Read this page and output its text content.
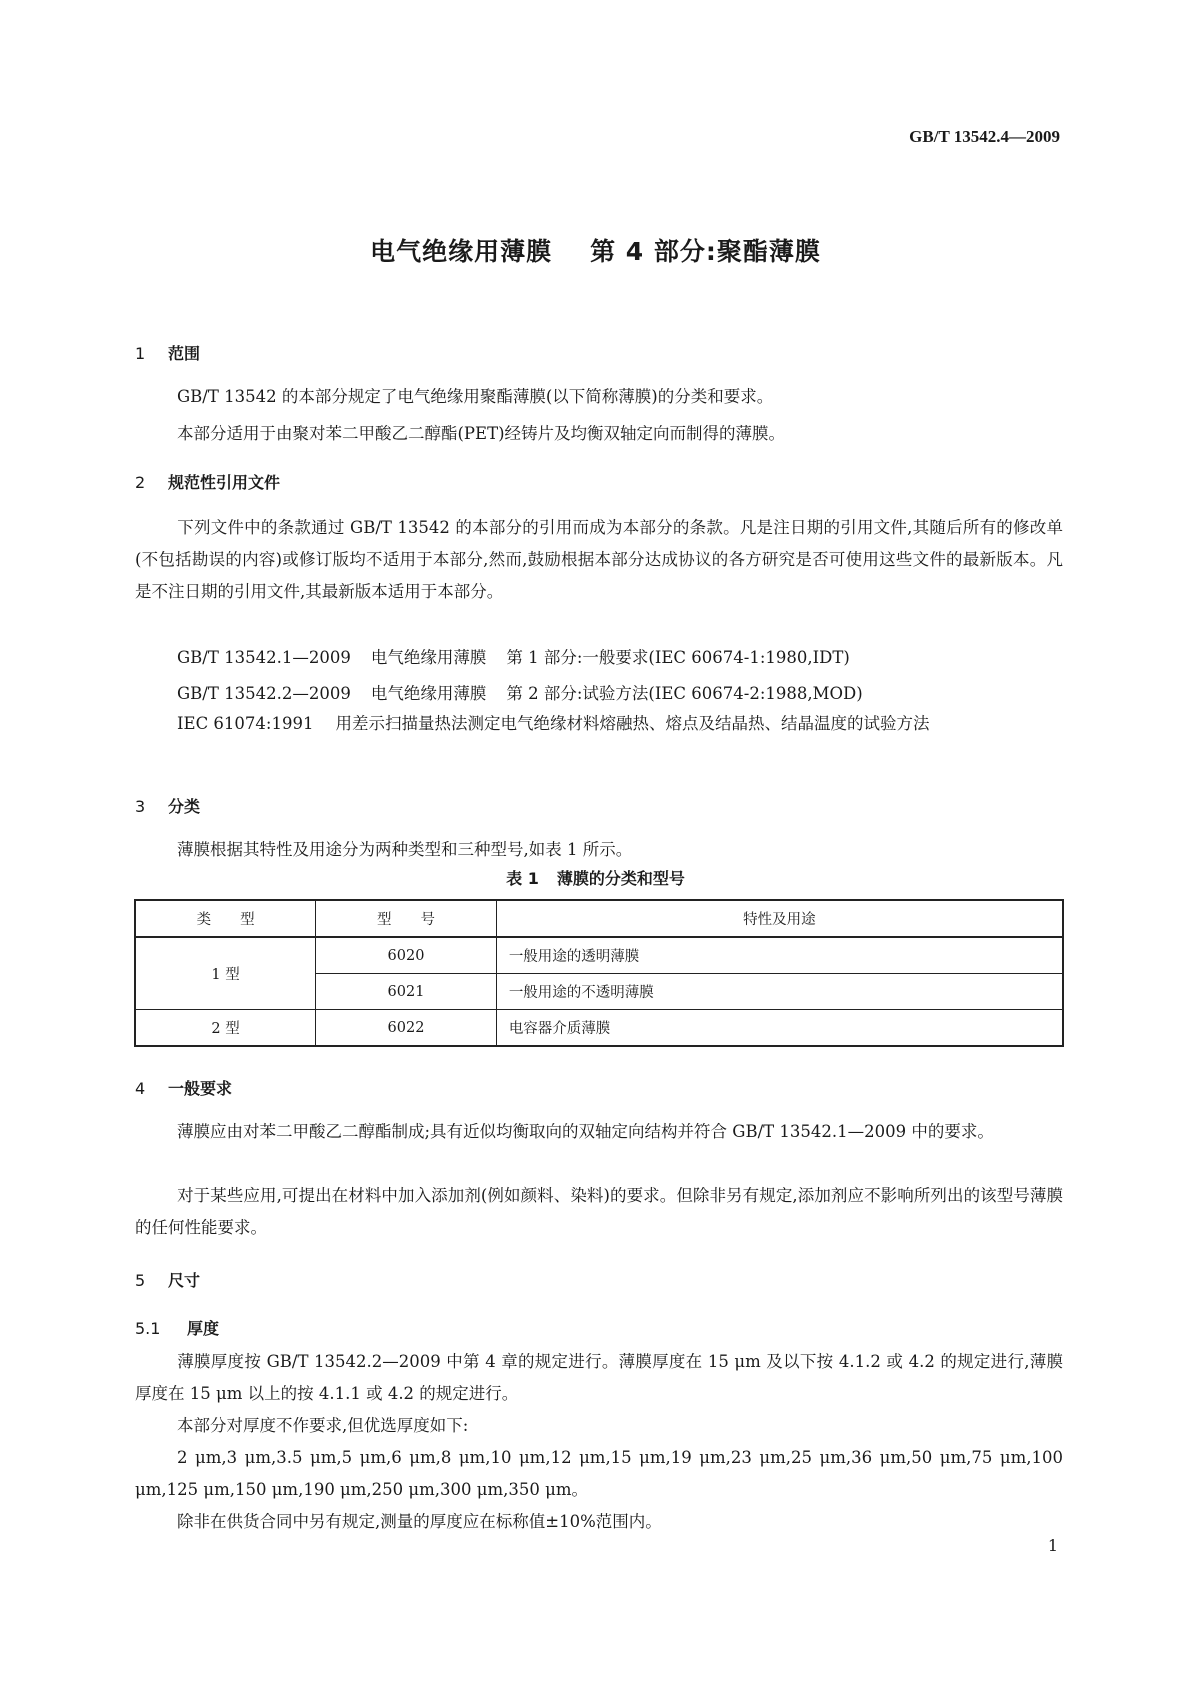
GB/T 13542.4—2009
电气绝缘用薄膜 第 4 部分:聚酯薄膜
1 范围
GB/T 13542 的本部分规定了电气绝缘用聚酯薄膜(以下简称薄膜)的分类和要求。
本部分适用于由聚对苯二甲酸乙二醇酯(PET)经铸片及均衡双轴定向而制得的薄膜。
2 规范性引用文件
下列文件中的条款通过 GB/T 13542 的本部分的引用而成为本部分的条款。凡是注日期的引用文件,其随后所有的修改单(不包括勘误的内容)或修订版均不适用于本部分,然而,鼓励根据本部分达成协议的各方研究是否可使用这些文件的最新版本。凡是不注日期的引用文件,其最新版本适用于本部分。
GB/T 13542.1—2009 电气绝缘用薄膜 第 1 部分:一般要求(IEC 60674-1:1980,IDT)
GB/T 13542.2—2009 电气绝缘用薄膜 第 2 部分:试验方法(IEC 60674-2:1988,MOD)
IEC 61074:1991 用差示扫描量热法测定电气绝缘材料熔融热、熔点及结晶热、结晶温度的试验方法
3 分类
薄膜根据其特性及用途分为两种类型和三种型号,如表 1 所示。
表 1 薄膜的分类和型号
类　　型	型　　号	特性及用途
1 型	6020	一般用途的透明薄膜
	6021	一般用途的不透明薄膜
2 型	6022	电容器介质薄膜
4 一般要求
薄膜应由对苯二甲酸乙二醇酯制成;具有近似均衡取向的双轴定向结构并符合 GB/T 13542.1—2009 中的要求。
对于某些应用,可提出在材料中加入添加剂(例如颜料、染料)的要求。但除非另有规定,添加剂应不影响所列出的该型号薄膜的任何性能要求。
5 尺寸
5.1 厚度
薄膜厚度按 GB/T 13542.2—2009 中第 4 章的规定进行。薄膜厚度在 15 μm 及以下按 4.1.2 或 4.2 的规定进行,薄膜厚度在 15 μm 以上的按 4.1.1 或 4.2 的规定进行。
本部分对厚度不作要求,但优选厚度如下:
2 μm,3 μm,3.5 μm,5 μm,6 μm,8 μm,10 μm,12 μm,15 μm,19 μm,23 μm,25 μm,36 μm,50 μm,75 μm,100 μm,125 μm,150 μm,190 μm,250 μm,300 μm,350 μm。
除非在供货合同中另有规定,测量的厚度应在标称值±10%范围内。
1
